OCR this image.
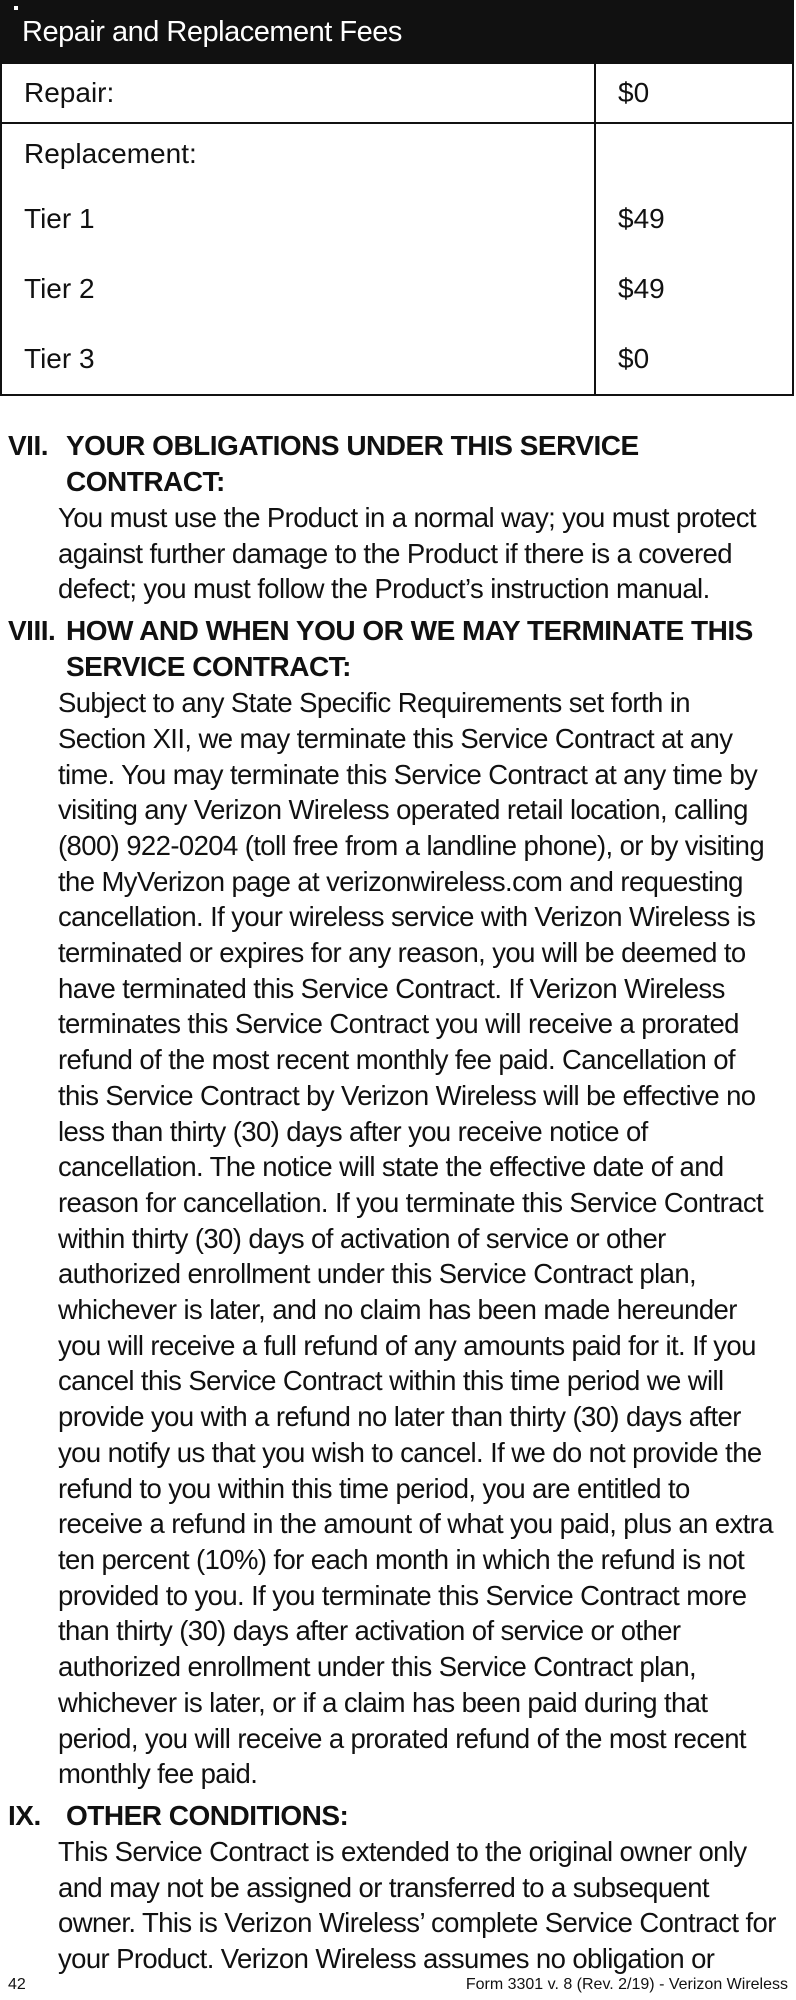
Repair and Replacement Fees
Repair:	$0
Replacement:
Tier 1
Tier 2
Tier 3
$49
$49
$0
VII. YOUR OBLIGATIONS UNDER THIS SERVICE CONTRACT:
You must use the Product in a normal way; you must protect against further damage to the Product if there is a covered defect; you must follow the Product’s instruction manual.
VIII. HOW AND WHEN YOU OR WE MAY TERMINATE THIS SERVICE CONTRACT:
Subject to any State Specific Requirements set forth in Section XII, we may terminate this Service Contract at any time. You may terminate this Service Contract at any time by visiting any Verizon Wireless operated retail location, calling (800) 922-0204 (toll free from a landline phone), or by visiting the MyVerizon page at verizonwireless.com and requesting cancellation. If your wireless service with Verizon Wireless is terminated or expires for any reason, you will be deemed to have terminated this Service Contract. If Verizon Wireless terminates this Service Contract you will receive a prorated refund of the most recent monthly fee paid. Cancellation of this Service Contract by Verizon Wireless will be effective no less than thirty (30) days after you receive notice of cancellation. The notice will state the effective date of and reason for cancellation. If you terminate this Service Contract within thirty (30) days of activation of service or other authorized enrollment under this Service Contract plan, whichever is later, and no claim has been made hereunder you will receive a full refund of any amounts paid for it. If you cancel this Service Contract within this time period we will provide you with a refund no later than thirty (30) days after you notify us that you wish to cancel. If we do not provide the refund to you within this time period, you are entitled to receive a refund in the amount of what you paid, plus an extra ten percent (10%) for each month in which the refund is not provided to you. If you terminate this Service Contract more than thirty (30) days after activation of service or other authorized enrollment under this Service Contract plan, whichever is later, or if a claim has been paid during that period, you will receive a prorated refund of the most recent monthly fee paid.
IX. OTHER CONDITIONS:
This Service Contract is extended to the original owner only and may not be assigned or transferred to a subsequent owner. This is Verizon Wireless’ complete Service Contract for your Product. Verizon Wireless assumes no obligation or
42	Form 3301 v. 8 (Rev. 2/19) - Verizon Wireless
